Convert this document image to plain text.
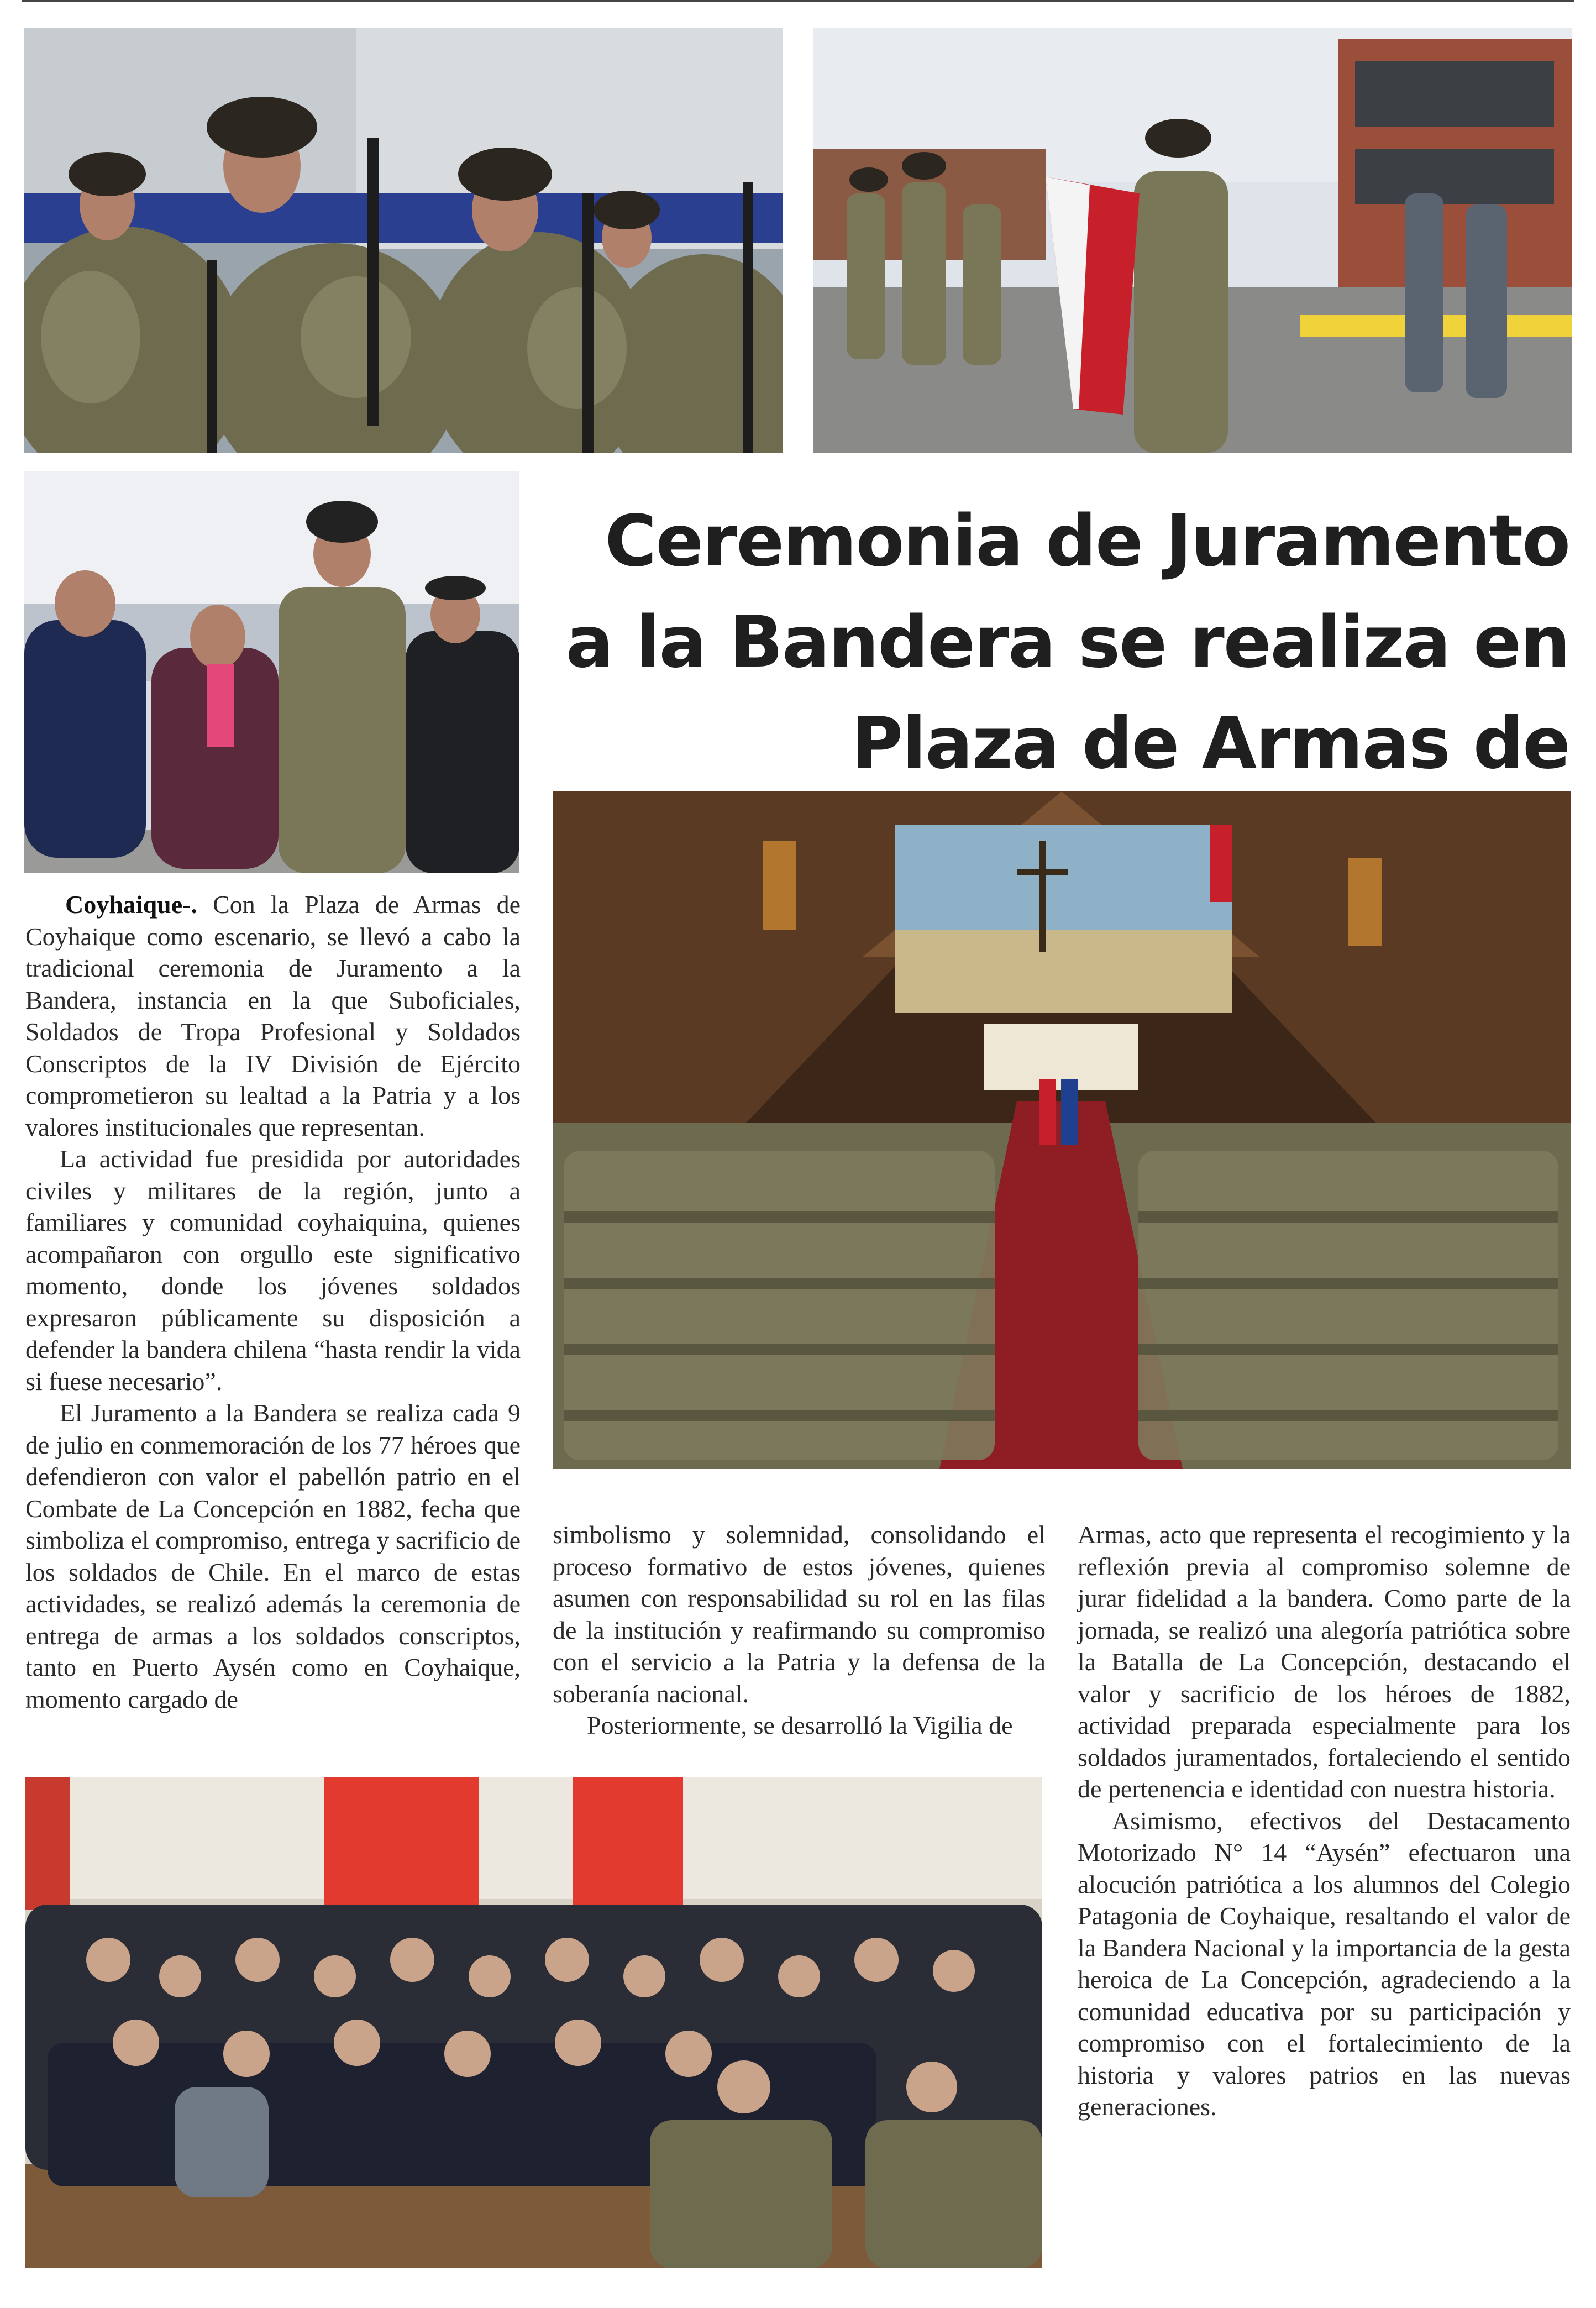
Ceremonia de Juramento a la Bandera se realiza en Plaza de Armas de

Coyhaique-. Con la Plaza de Armas de Coyhaique como escenario, se llevó a cabo la tradicional ceremonia de Juramento a la Bandera, instancia en la que Suboficiales, Soldados de Tropa Profesional y Soldados Conscriptos de la IV División de Ejército comprometieron su lealtad a la Patria y a los valores institucionales que representan.

La actividad fue presidida por autoridades civiles y militares de la región, junto a familiares y comunidad coyhaiquina, quienes acompañaron con orgullo este significativo momento, donde los jóvenes soldados expresaron públicamente su disposición a defender la bandera chilena “hasta rendir la vida si fuese necesario”.

El Juramento a la Bandera se realiza cada 9 de julio en conmemoración de los 77 héroes que defendieron con valor el pabellón patrio en el Combate de La Concepción en 1882, fecha que simboliza el compromiso, entrega y sacrificio de los soldados de Chile. En el marco de estas actividades, se realizó además la ceremonia de entrega de armas a los soldados conscriptos, tanto en Puerto Aysén como en Coyhaique, momento cargado de

simbolismo y solemnidad, consolidando el proceso formativo de estos jóvenes, quienes asumen con responsabilidad su rol en las filas de la institución y reafirmando su compromiso con el servicio a la Patria y la defensa de la soberanía nacional.

Posteriormente, se desarrolló la Vigilia de

Armas, acto que representa el recogimiento y la reflexión previa al compromiso solemne de jurar fidelidad a la bandera. Como parte de la jornada, se realizó una alegoría patriótica sobre la Batalla de La Concepción, destacando el valor y sacrificio de los héroes de 1882, actividad preparada especialmente para los soldados juramentados, fortaleciendo el sentido de pertenencia e identidad con nuestra historia.

Asimismo, efectivos del Destacamento Motorizado N° 14 “Aysén” efectuaron una alocución patriótica a los alumnos del Colegio Patagonia de Coyhaique, resaltando el valor de la Bandera Nacional y la importancia de la gesta heroica de La Concepción, agradeciendo a la comunidad educativa por su participación y compromiso con el fortalecimiento de la historia y valores patrios en las nuevas generaciones.
